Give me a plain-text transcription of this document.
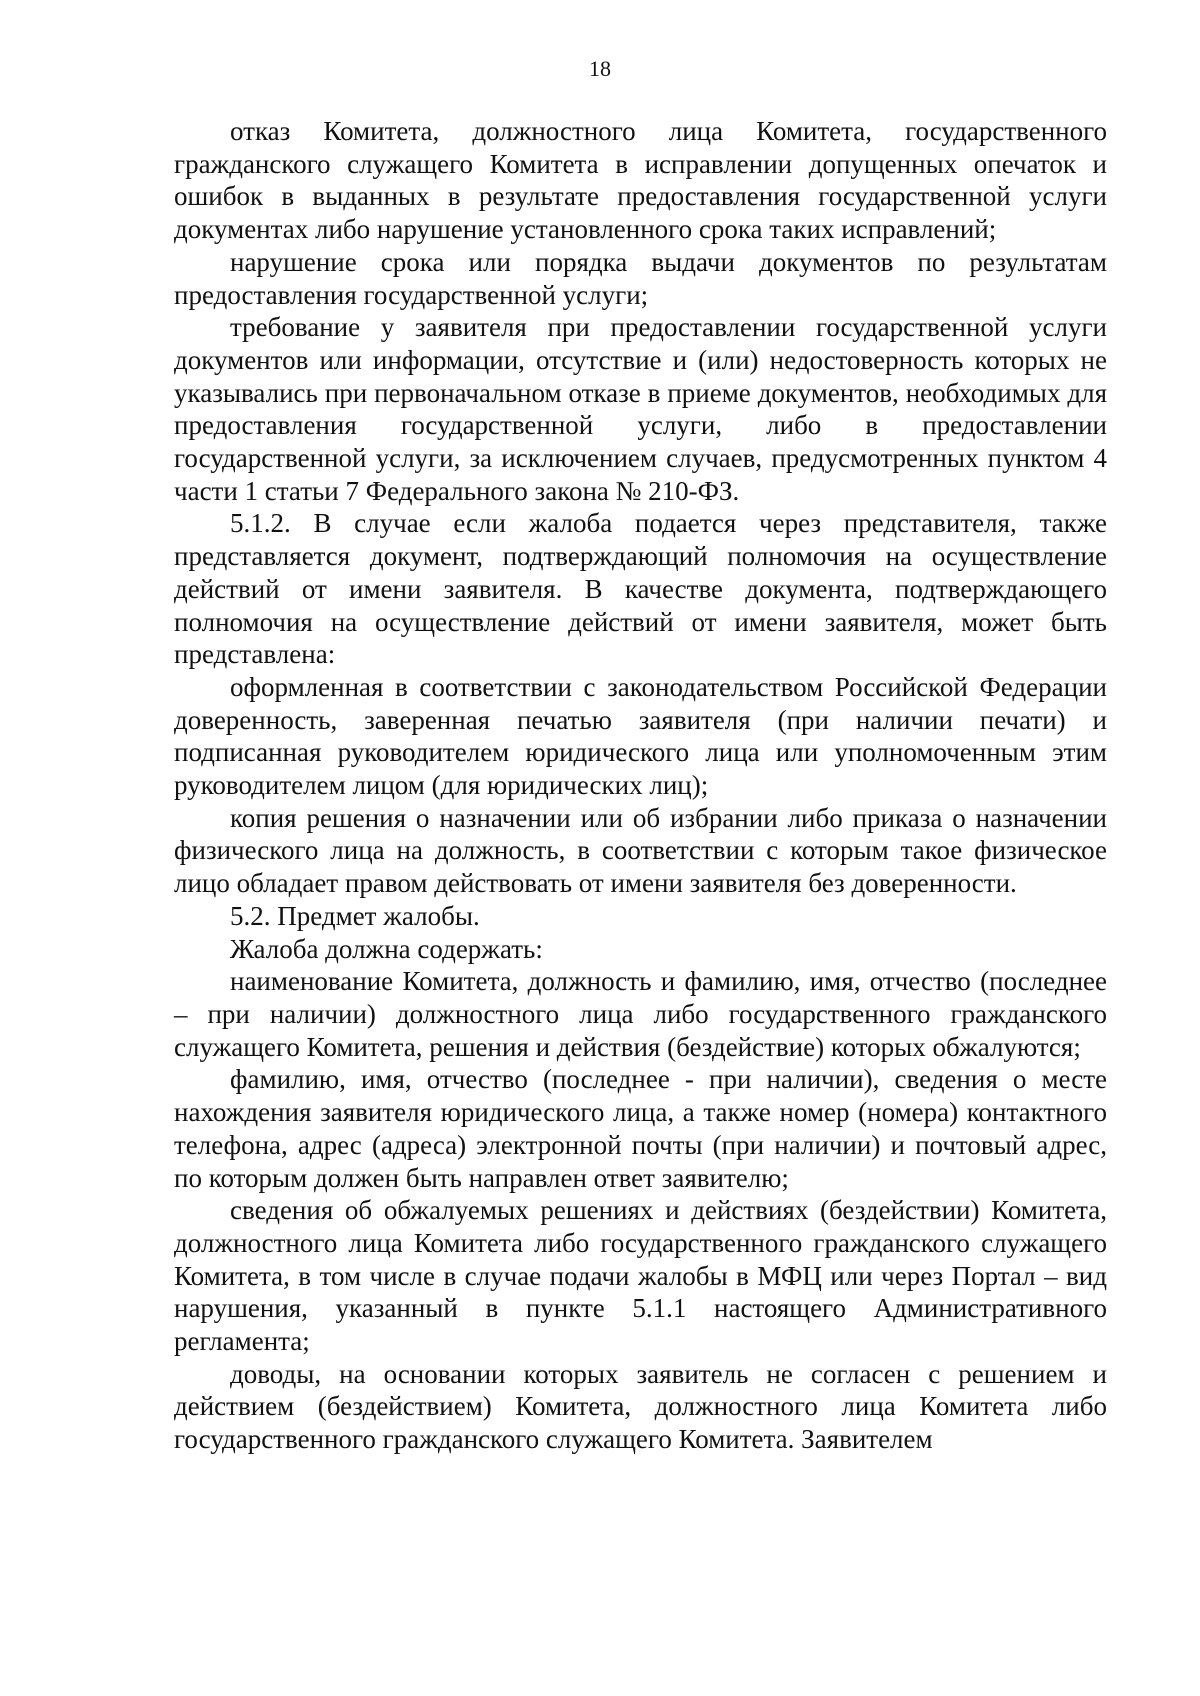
18

отказ Комитета, должностного лица Комитета, государственного гражданского служащего Комитета в исправлении допущенных опечаток и ошибок в выданных в результате предоставления государственной услуги документах либо нарушение установленного срока таких исправлений;

нарушение срока или порядка выдачи документов по результатам предоставления государственной услуги;

требование у заявителя при предоставлении государственной услуги документов или информации, отсутствие и (или) недостоверность которых не указывались при первоначальном отказе в приеме документов, необходимых для предоставления государственной услуги, либо в предоставлении государственной услуги, за исключением случаев, предусмотренных пунктом 4 части 1 статьи 7 Федерального закона № 210-ФЗ.

5.1.2. В случае если жалоба подается через представителя, также представляется документ, подтверждающий полномочия на осуществление действий от имени заявителя. В качестве документа, подтверждающего полномочия на осуществление действий от имени заявителя, может быть представлена:

оформленная в соответствии с законодательством Российской Федерации доверенность, заверенная печатью заявителя (при наличии печати) и подписанная руководителем юридического лица или уполномоченным этим руководителем лицом (для юридических лиц);

копия решения о назначении или об избрании либо приказа о назначении физического лица на должность, в соответствии с которым такое физическое лицо обладает правом действовать от имени заявителя без доверенности.

5.2. Предмет жалобы.

Жалоба должна содержать:

наименование Комитета, должность и фамилию, имя, отчество (последнее – при наличии) должностного лица либо государственного гражданского служащего Комитета, решения и действия (бездействие) которых обжалуются;

фамилию, имя, отчество (последнее - при наличии), сведения о месте нахождения заявителя юридического лица, а также номер (номера) контактного телефона, адрес (адреса) электронной почты (при наличии) и почтовый адрес, по которым должен быть направлен ответ заявителю;

сведения об обжалуемых решениях и действиях (бездействии) Комитета, должностного лица Комитета либо государственного гражданского служащего Комитета, в том числе в случае подачи жалобы в МФЦ или через Портал – вид нарушения, указанный в пункте 5.1.1 настоящего Административного регламента;

доводы, на основании которых заявитель не согласен с решением и действием (бездействием) Комитета, должностного лица Комитета либо государственного гражданского служащего Комитета. Заявителем
